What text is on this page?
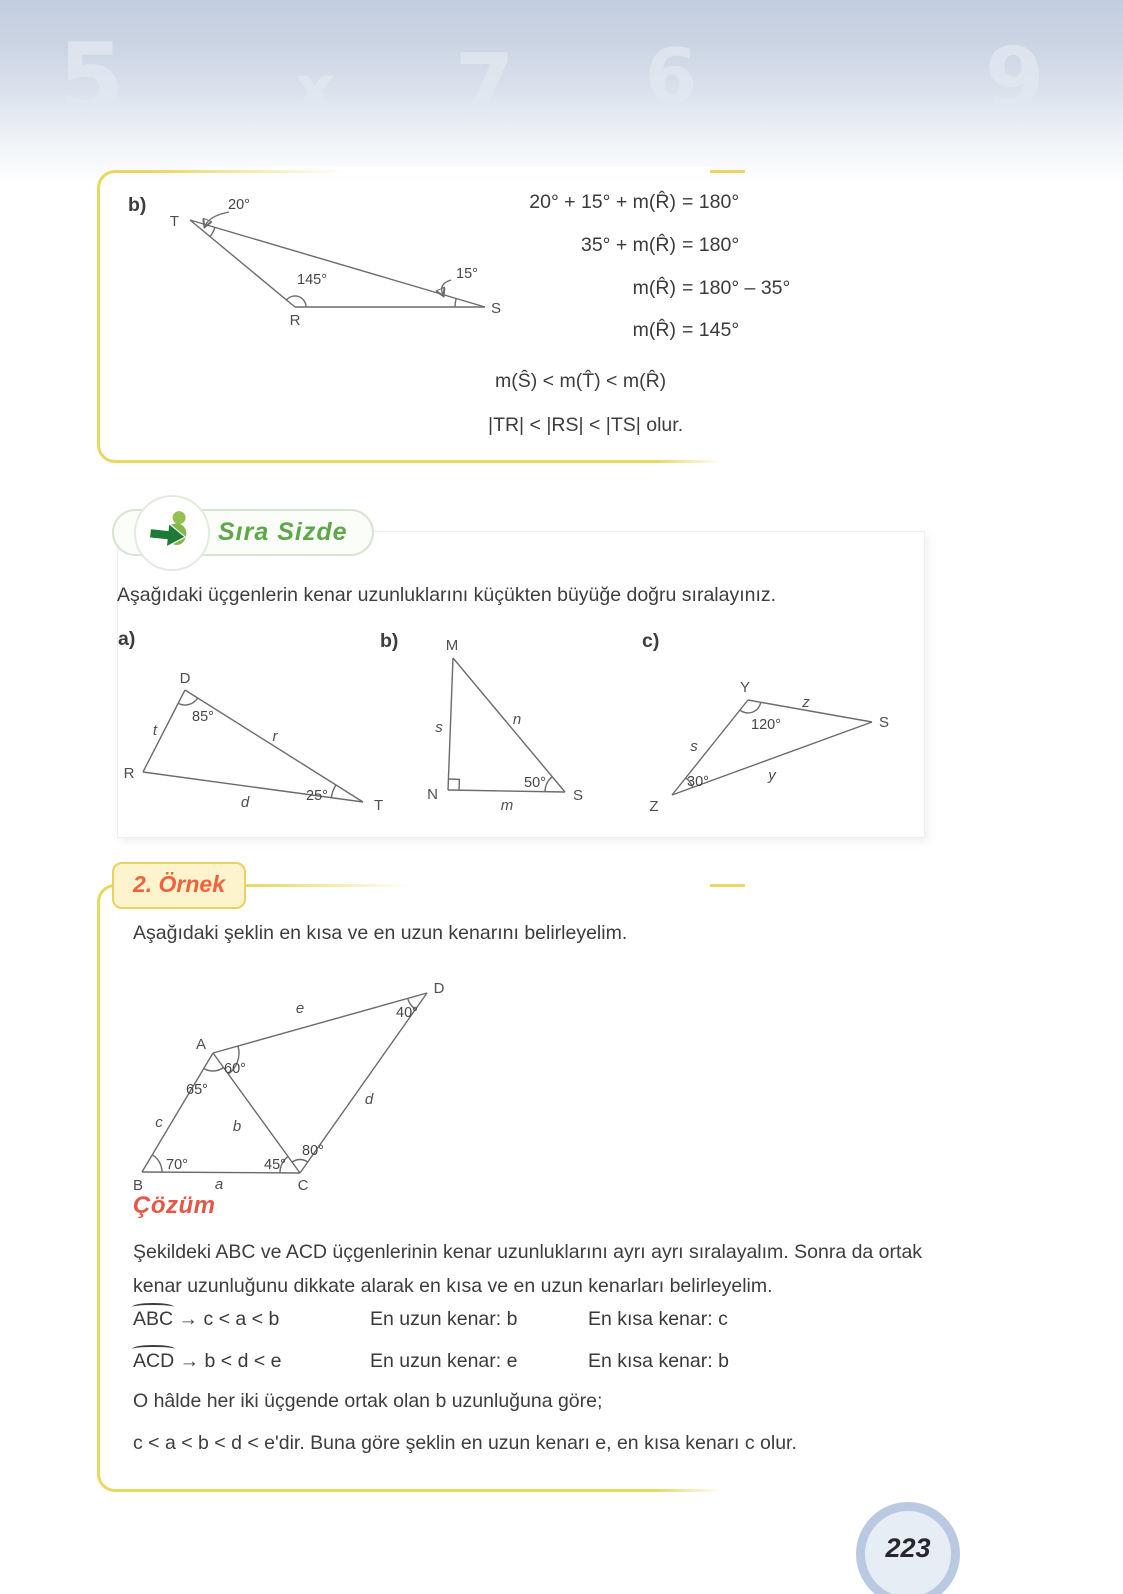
5	x 7 6	9
b)
T
R
S
20°
145°	15°
20° + 15° + m(R̂) = 180°
35° + m(R̂) = 180°
m(R̂) = 180° – 35°
m(R̂) = 145°
m(Ŝ) < m(T̂) < m(R̂)
|TR| < |RS| < |TS| olur.
Sıra Sizde
Aşağıdaki üçgenlerin kenar uzunluklarını küçükten büyüğe doğru sıralayınız.
a)	b)	c)
D
R
T
85°
25°
t	r
d
M
N	S
50°
s	n
m
Y
S
Z
120°
30°
s
z
y
2. Örnek
Aşağıdaki şeklin en kısa ve en uzun kenarını belirleyelim.
A
B	C
D
60°
65°
70°	45°
80°
40°
e
c
a
b
d
Çözüm
Şekildeki ABC ve ACD üçgenlerinin kenar uzunluklarını ayrı ayrı sıralayalım. Sonra da ortak kenar uzunluğunu dikkate alarak en kısa ve en uzun kenarları belirleyelim.
ABC → c < a < b	En uzun kenar: b	En kısa kenar: c
ACD → b < d < e	En uzun kenar: e	En kısa kenar: b
O hâlde her iki üçgende ortak olan b uzunluğuna göre;
c < a < b < d < e'dir. Buna göre şeklin en uzun kenarı e, en kısa kenarı c olur.
223
